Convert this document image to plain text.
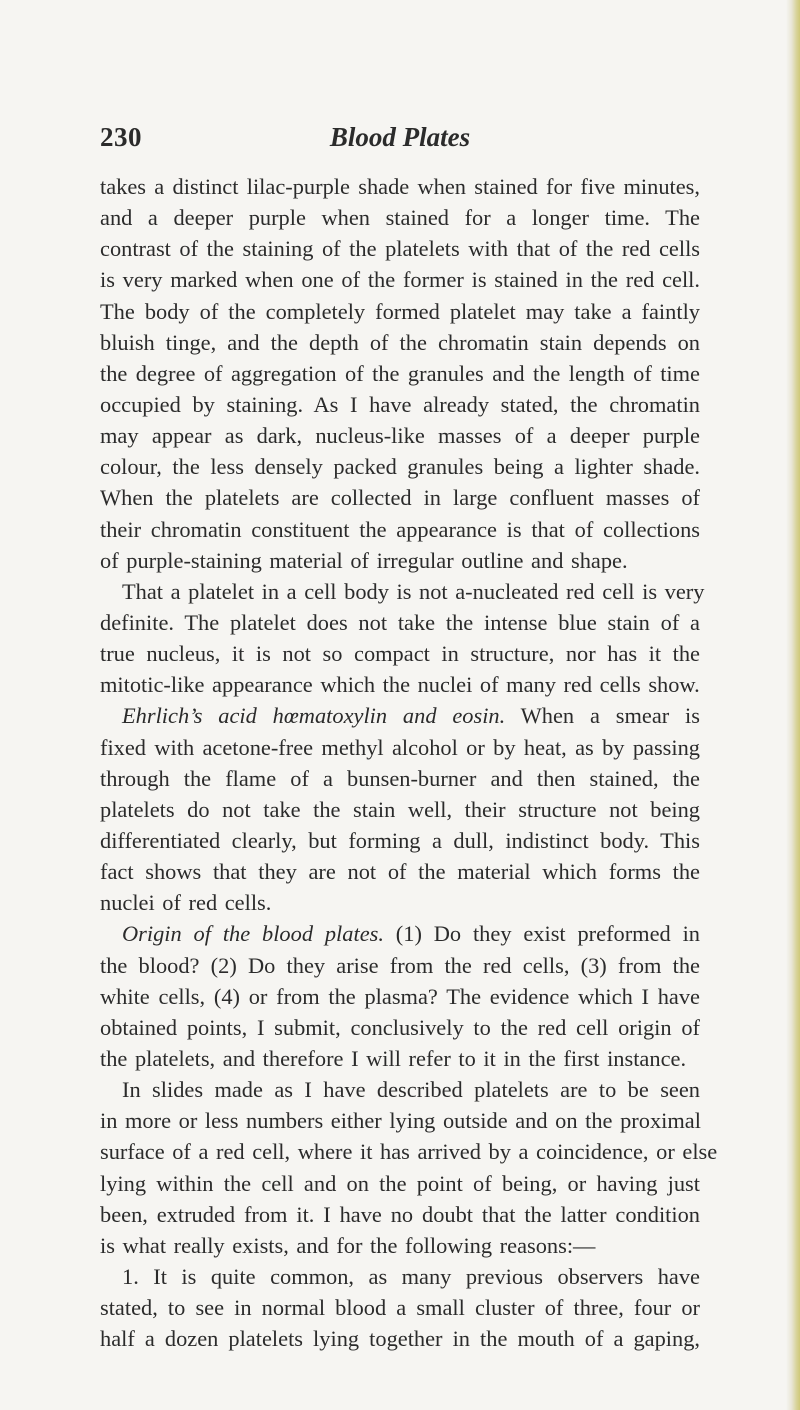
230	Blood Plates
takes a distinct lilac-purple shade when stained for five minutes,
and a deeper purple when stained for a longer time. The
contrast of the staining of the platelets with that of the red cells
is very marked when one of the former is stained in the red cell.
The body of the completely formed platelet may take a faintly
bluish tinge, and the depth of the chromatin stain depends on
the degree of aggregation of the granules and the length of time
occupied by staining. As I have already stated, the chromatin
may appear as dark, nucleus-like masses of a deeper purple
colour, the less densely packed granules being a lighter shade.
When the platelets are collected in large confluent masses of
their chromatin constituent the appearance is that of collections
of purple-staining material of irregular outline and shape.
That a platelet in a cell body is not a-nucleated red cell is very
definite. The platelet does not take the intense blue stain of a
true nucleus, it is not so compact in structure, nor has it the
mitotic-like appearance which the nuclei of many red cells show.
Ehrlich’s acid hœmatoxylin and eosin. When a smear is
fixed with acetone-free methyl alcohol or by heat, as by passing
through the flame of a bunsen-burner and then stained, the
platelets do not take the stain well, their structure not being
differentiated clearly, but forming a dull, indistinct body. This
fact shows that they are not of the material which forms the
nuclei of red cells.
Origin of the blood plates. (1) Do they exist preformed in
the blood? (2) Do they arise from the red cells, (3) from the
white cells, (4) or from the plasma? The evidence which I have
obtained points, I submit, conclusively to the red cell origin of
the platelets, and therefore I will refer to it in the first instance.
In slides made as I have described platelets are to be seen
in more or less numbers either lying outside and on the proximal
surface of a red cell, where it has arrived by a coincidence, or else
lying within the cell and on the point of being, or having just
been, extruded from it. I have no doubt that the latter condition
is what really exists, and for the following reasons:—
1. It is quite common, as many previous observers have
stated, to see in normal blood a small cluster of three, four or
half a dozen platelets lying together in the mouth of a gaping,
